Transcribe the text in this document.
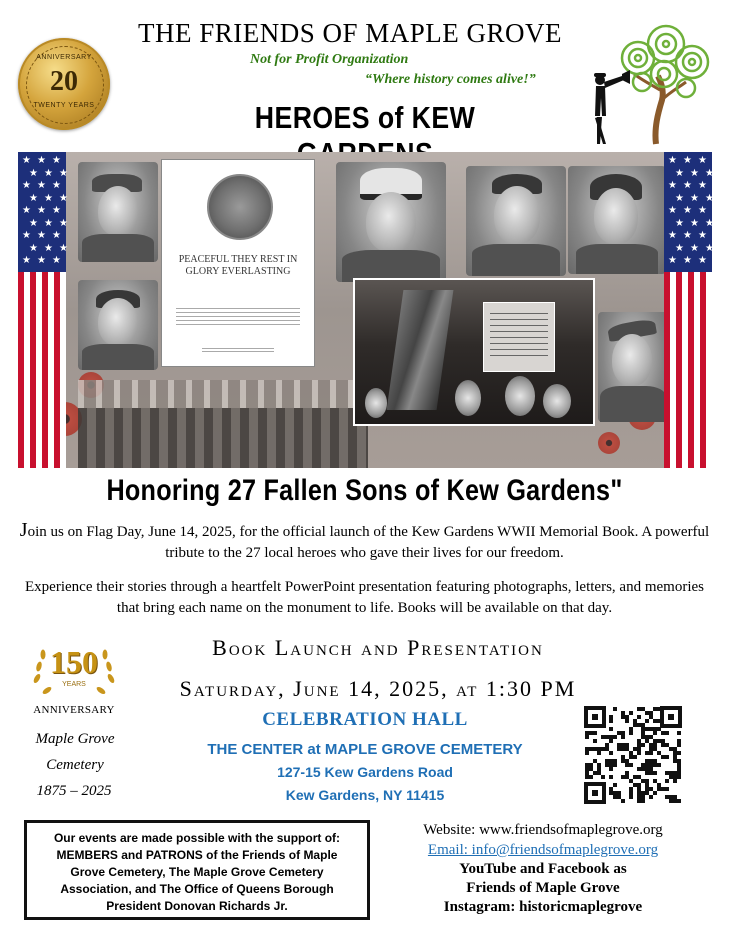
ANNIVERSARY
20
TWENTY YEARS
THE FRIENDS OF MAPLE GROVE
Not for Profit Organization
“Where history comes alive!”
HEROES of KEW
PEACEFUL THEY REST IN GLORY EVERLASTING
★ ★ ★
★ ★ ★
★ ★ ★
★ ★ ★
★ ★ ★
★ ★ ★
★ ★ ★
★ ★ ★
★ ★ ★
★ ★ ★
★ ★ ★
★ ★ ★
★ ★ ★
★ ★ ★
★ ★ ★
★ ★ ★
★ ★ ★
★ ★ ★
Honoring 27 Fallen Sons of Kew Gardens"
Join us on Flag Day, June 14, 2025, for the official launch of the Kew Gardens WWII Memorial Book. A powerful tribute to the 27 local heroes who gave their lives for our freedom.
Experience their stories through a heartfelt PowerPoint presentation featuring photographs, letters, and memories that bring each name on the monument to life. Books will be available on that day.
Book Launch and Presentation
Saturday, June 14, 2025, at 1:30 PM
CELEBRATION HALL
THE CENTER at MAPLE GROVE CEMETERY
127-15 Kew Gardens Road
Kew Gardens, NY 11415
150
YEARS
ANNIVERSARY
Maple Grove
Cemetery
1875 – 2025
Our events are made possible with the support of: MEMBERS and PATRONS of the Friends of Maple Grove Cemetery, The Maple Grove Cemetery Association, and The Office of Queens Borough President Donovan Richards Jr.
Website: www.friendsofmaplegrove.org
Email: info@friendsofmaplegrove.org
YouTube and Facebook as
Friends of Maple Grove
Instagram: historicmaplegrove
